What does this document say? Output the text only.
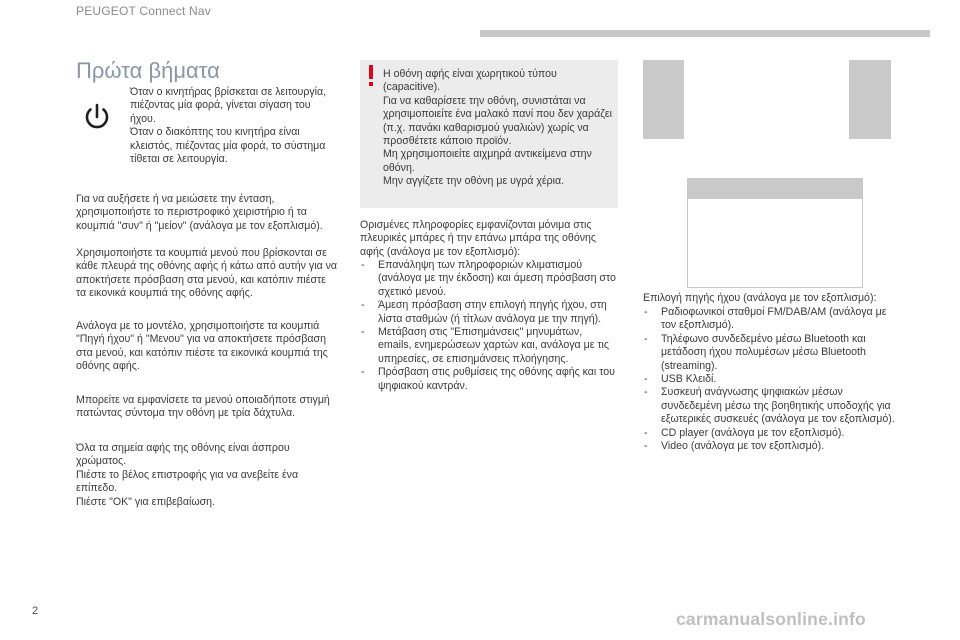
PEUGEOT Connect Nav
Πρώτα βήματα

Όταν ο κινητήρας βρίσκεται σε λειτουργία,
πιέζοντας μία φορά, γίνεται σίγαση του
ήχου.
Όταν ο διακόπτης του κινητήρα είναι
κλειστός, πιέζοντας μία φορά, το σύστημα
τίθεται σε λειτουργία.

Για να αυξήσετε ή να μειώσετε την ένταση,
χρησιμοποιήστε το περιστροφικό χειριστήριο ή τα
κουμπιά "συν" ή "μείον" (ανάλογα με τον εξοπλισμό).

Χρησιμοποιήστε τα κουμπιά μενού που βρίσκονται σε
κάθε πλευρά της οθόνης αφής ή κάτω από αυτήν για να
αποκτήσετε πρόσβαση στα μενού, και κατόπιν πιέστε
τα εικονικά κουμπιά της οθόνης αφής.

Ανάλογα με το μοντέλο, χρησιμοποιήστε τα κουμπιά
"Πηγή ήχου" ή "Μενου" για να αποκτήσετε πρόσβαση
στα μενού, και κατόπιν πιέστε τα εικονικά κουμπιά της
οθόνης αφής.

Μπορείτε να εμφανίσετε τα μενού οποιαδήποτε στιγμή
πατώντας σύντομα την οθόνη με τρία δάχτυλα.

Όλα τα σημεία αφής της οθόνης είναι άσπρου
χρώματος.
Πιέστε το βέλος επιστροφής για να ανεβείτε ένα
επίπεδο.
Πιέστε "OK" για επιβεβαίωση.

Η οθόνη αφής είναι χωρητικού τύπου (capacitive).
Για να καθαρίσετε την οθόνη, συνιστάται να
χρησιμοποιείτε ένα μαλακό πανί που δεν χαράζει
(π.χ. πανάκι καθαρισμού γυαλιών) χωρίς να
προσθέτετε κάποιο προϊόν.
Μη χρησιμοποιείτε αιχμηρά αντικείμενα στην
οθόνη.
Μην αγγίζετε την οθόνη με υγρά χέρια.

Ορισμένες πληροφορίες εμφανίζονται μόνιμα στις
πλευρικές μπάρες ή την επάνω μπάρα της οθόνης
αφής (ανάλογα με τον εξοπλισμό):

- Επανάληψη των πληροφοριών κλιματισμού
(ανάλογα με την έκδοση) και άμεση πρόσβαση στο
σχετικό μενού.
- Άμεση πρόσβαση στην επιλογή πηγής ήχου, στη
λίστα σταθμών (ή τίτλων ανάλογα με την πηγή).
- Μετάβαση στις "Επισημάνσεις" μηνυμάτων,
emails, ενημερώσεων χαρτών και, ανάλογα με τις
υπηρεσίες, σε επισημάνσεις πλοήγησης.
- Πρόσβαση στις ρυθμίσεις της οθόνης αφής και του
ψηφιακού καντράν.

Επιλογή πηγής ήχου (ανάλογα με τον εξοπλισμό):

- Ραδιοφωνικοί σταθμοί FM/DAB/AM (ανάλογα με
τον εξοπλισμό).
- Τηλέφωνο συνδεδεμένο μέσω Bluetooth και
μετάδοση ήχου πολυμέσων μέσω Bluetooth
(streaming).
- USB Κλειδί.
- Συσκευή ανάγνωσης ψηφιακών μέσων
συνδεδεμένη μέσω της βοηθητικής υποδοχής για
εξωτερικές συσκευές (ανάλογα με τον εξοπλισμό).
- CD player (ανάλογα με τον εξοπλισμό).
- Video (ανάλογα με τον εξοπλισμό).
2	carmanualsonline.info
